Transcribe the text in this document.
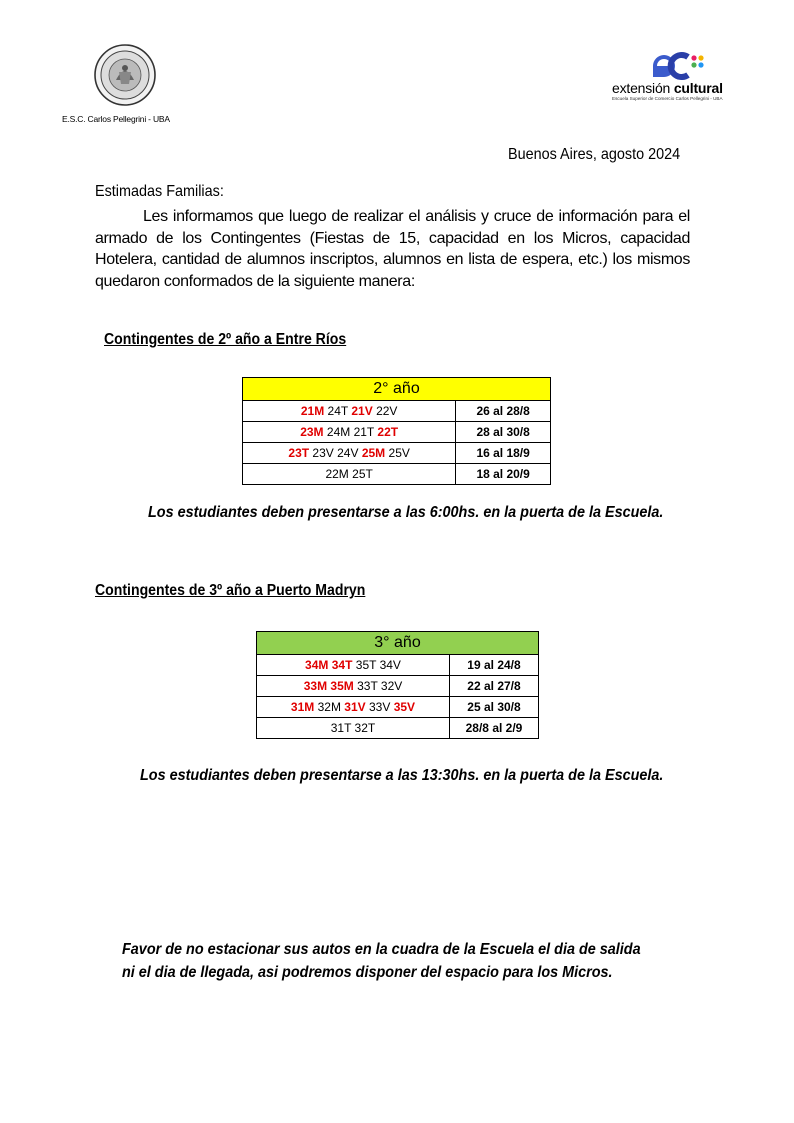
E.S.C. Carlos Pellegrini - UBA
extensión cultural
Escuela Superior de Comercio Carlos Pellegrini - UBA
Buenos Aires, agosto 2024
Estimadas Familias:
Les informamos que luego de realizar el análisis y cruce de información para el armado de los Contingentes (Fiestas de 15, capacidad en los Micros, capacidad Hotelera, cantidad de alumnos inscriptos, alumnos en lista de espera, etc.) los mismos quedaron conformados de la siguiente manera:
Contingentes de 2º año a Entre Ríos
2° año	
21M 24T 21V 22V	26 al 28/8
23M 24M 21T 22T	28 al 30/8
23T 23V 24V 25M 25V	16 al 18/9
22M 25T	18 al 20/9
Los estudiantes deben presentarse a las 6:00hs. en la puerta de la Escuela.
Contingentes de 3º año a Puerto Madryn
3° año	
34M 34T 35T 34V	19 al 24/8
33M 35M 33T 32V	22 al 27/8
31M 32M 31V 33V 35V	25 al 30/8
31T 32T	28/8 al 2/9
Los estudiantes deben presentarse a las 13:30hs. en la puerta de la Escuela.
Favor de no estacionar sus autos en la cuadra de la Escuela el dia de salida
ni el dia de llegada, asi podremos disponer del espacio para los Micros.
